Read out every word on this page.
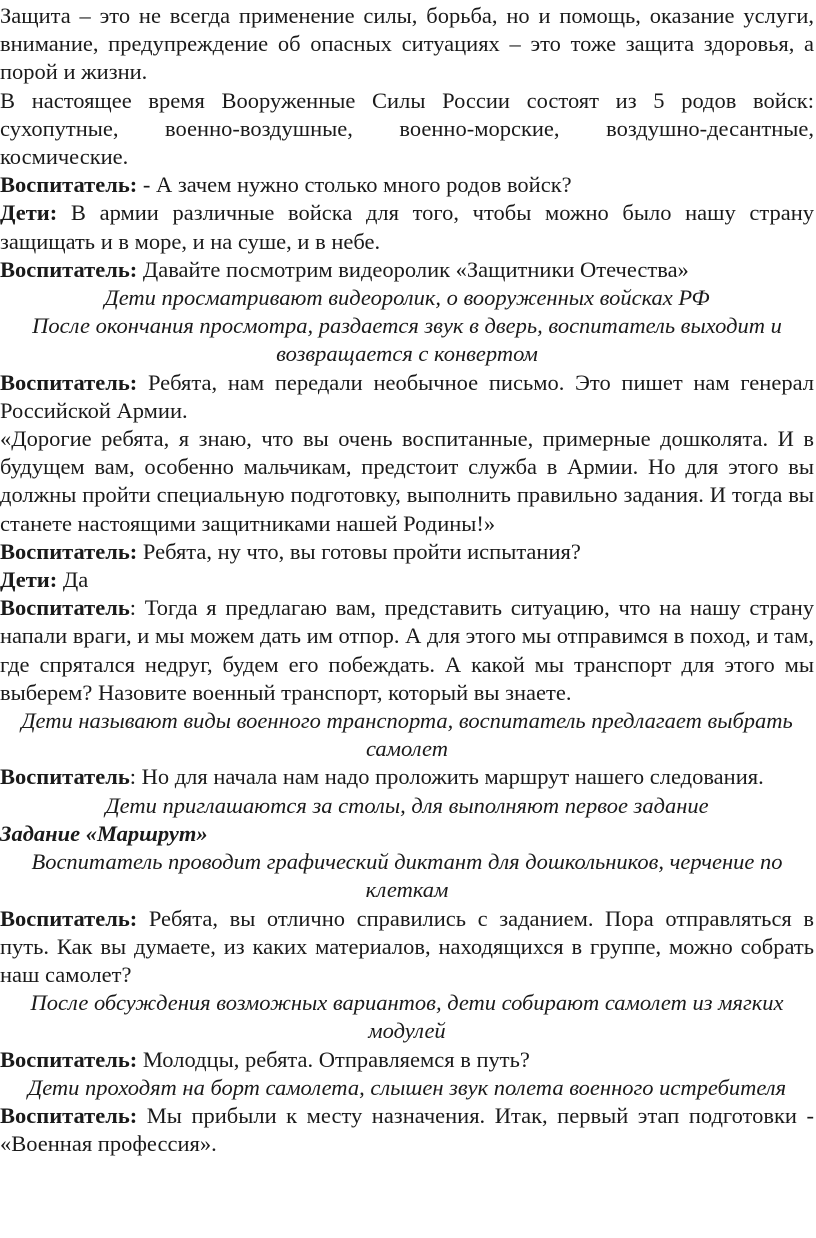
Защита – это не всегда применение силы, борьба, но и помощь, оказание услуги, внимание, предупреждение об опасных ситуациях – это тоже защита здоровья, а порой и жизни.

В настоящее время Вооруженные Силы России состоят из 5 родов войск: сухопутные, военно-воздушные, военно-морские, воздушно-десантные, космические.

Воспитатель: - А зачем нужно столько много родов войск?

Дети: В армии различные войска для того, чтобы можно было нашу страну защищать и в море, и на суше, и в небе.

Воспитатель: Давайте посмотрим видеоролик «Защитники Отечества»

Дети просматривают видеоролик, о вооруженных войсках РФ

После окончания просмотра, раздается звук в дверь, воспитатель выходит и возвращается с конвертом

Воспитатель: Ребята, нам передали необычное письмо. Это пишет нам генерал Российской Армии.

«Дорогие ребята, я знаю, что вы очень воспитанные, примерные дошколята. И в будущем вам, особенно мальчикам, предстоит служба в Армии. Но для этого вы должны пройти специальную подготовку, выполнить правильно задания. И тогда вы станете настоящими защитниками нашей Родины!»

Воспитатель: Ребята, ну что, вы готовы пройти испытания?

Дети: Да

Воспитатель: Тогда я предлагаю вам, представить ситуацию, что на нашу страну напали враги, и мы можем дать им отпор. А для этого мы отправимся в поход, и там, где спрятался недруг, будем его побеждать. А какой мы транспорт для этого мы выберем? Назовите военный транспорт, который вы знаете.

Дети называют виды военного транспорта, воспитатель предлагает выбрать самолет

Воспитатель: Но для начала нам надо проложить маршрут нашего следования.

Дети приглашаются за столы, для выполняют первое задание

Задание «Маршрут»

Воспитатель проводит графический диктант для дошкольников, черчение по клеткам

Воспитатель: Ребята, вы отлично справились с заданием. Пора отправляться в путь. Как вы думаете, из каких материалов, находящихся в группе, можно собрать наш самолет?

После обсуждения возможных вариантов, дети собирают самолет из мягких модулей

Воспитатель: Молодцы, ребята. Отправляемся в путь?

Дети проходят на борт самолета, слышен звук полета военного истребителя

Воспитатель: Мы прибыли к месту назначения. Итак, первый этап подготовки - «Военная профессия».
